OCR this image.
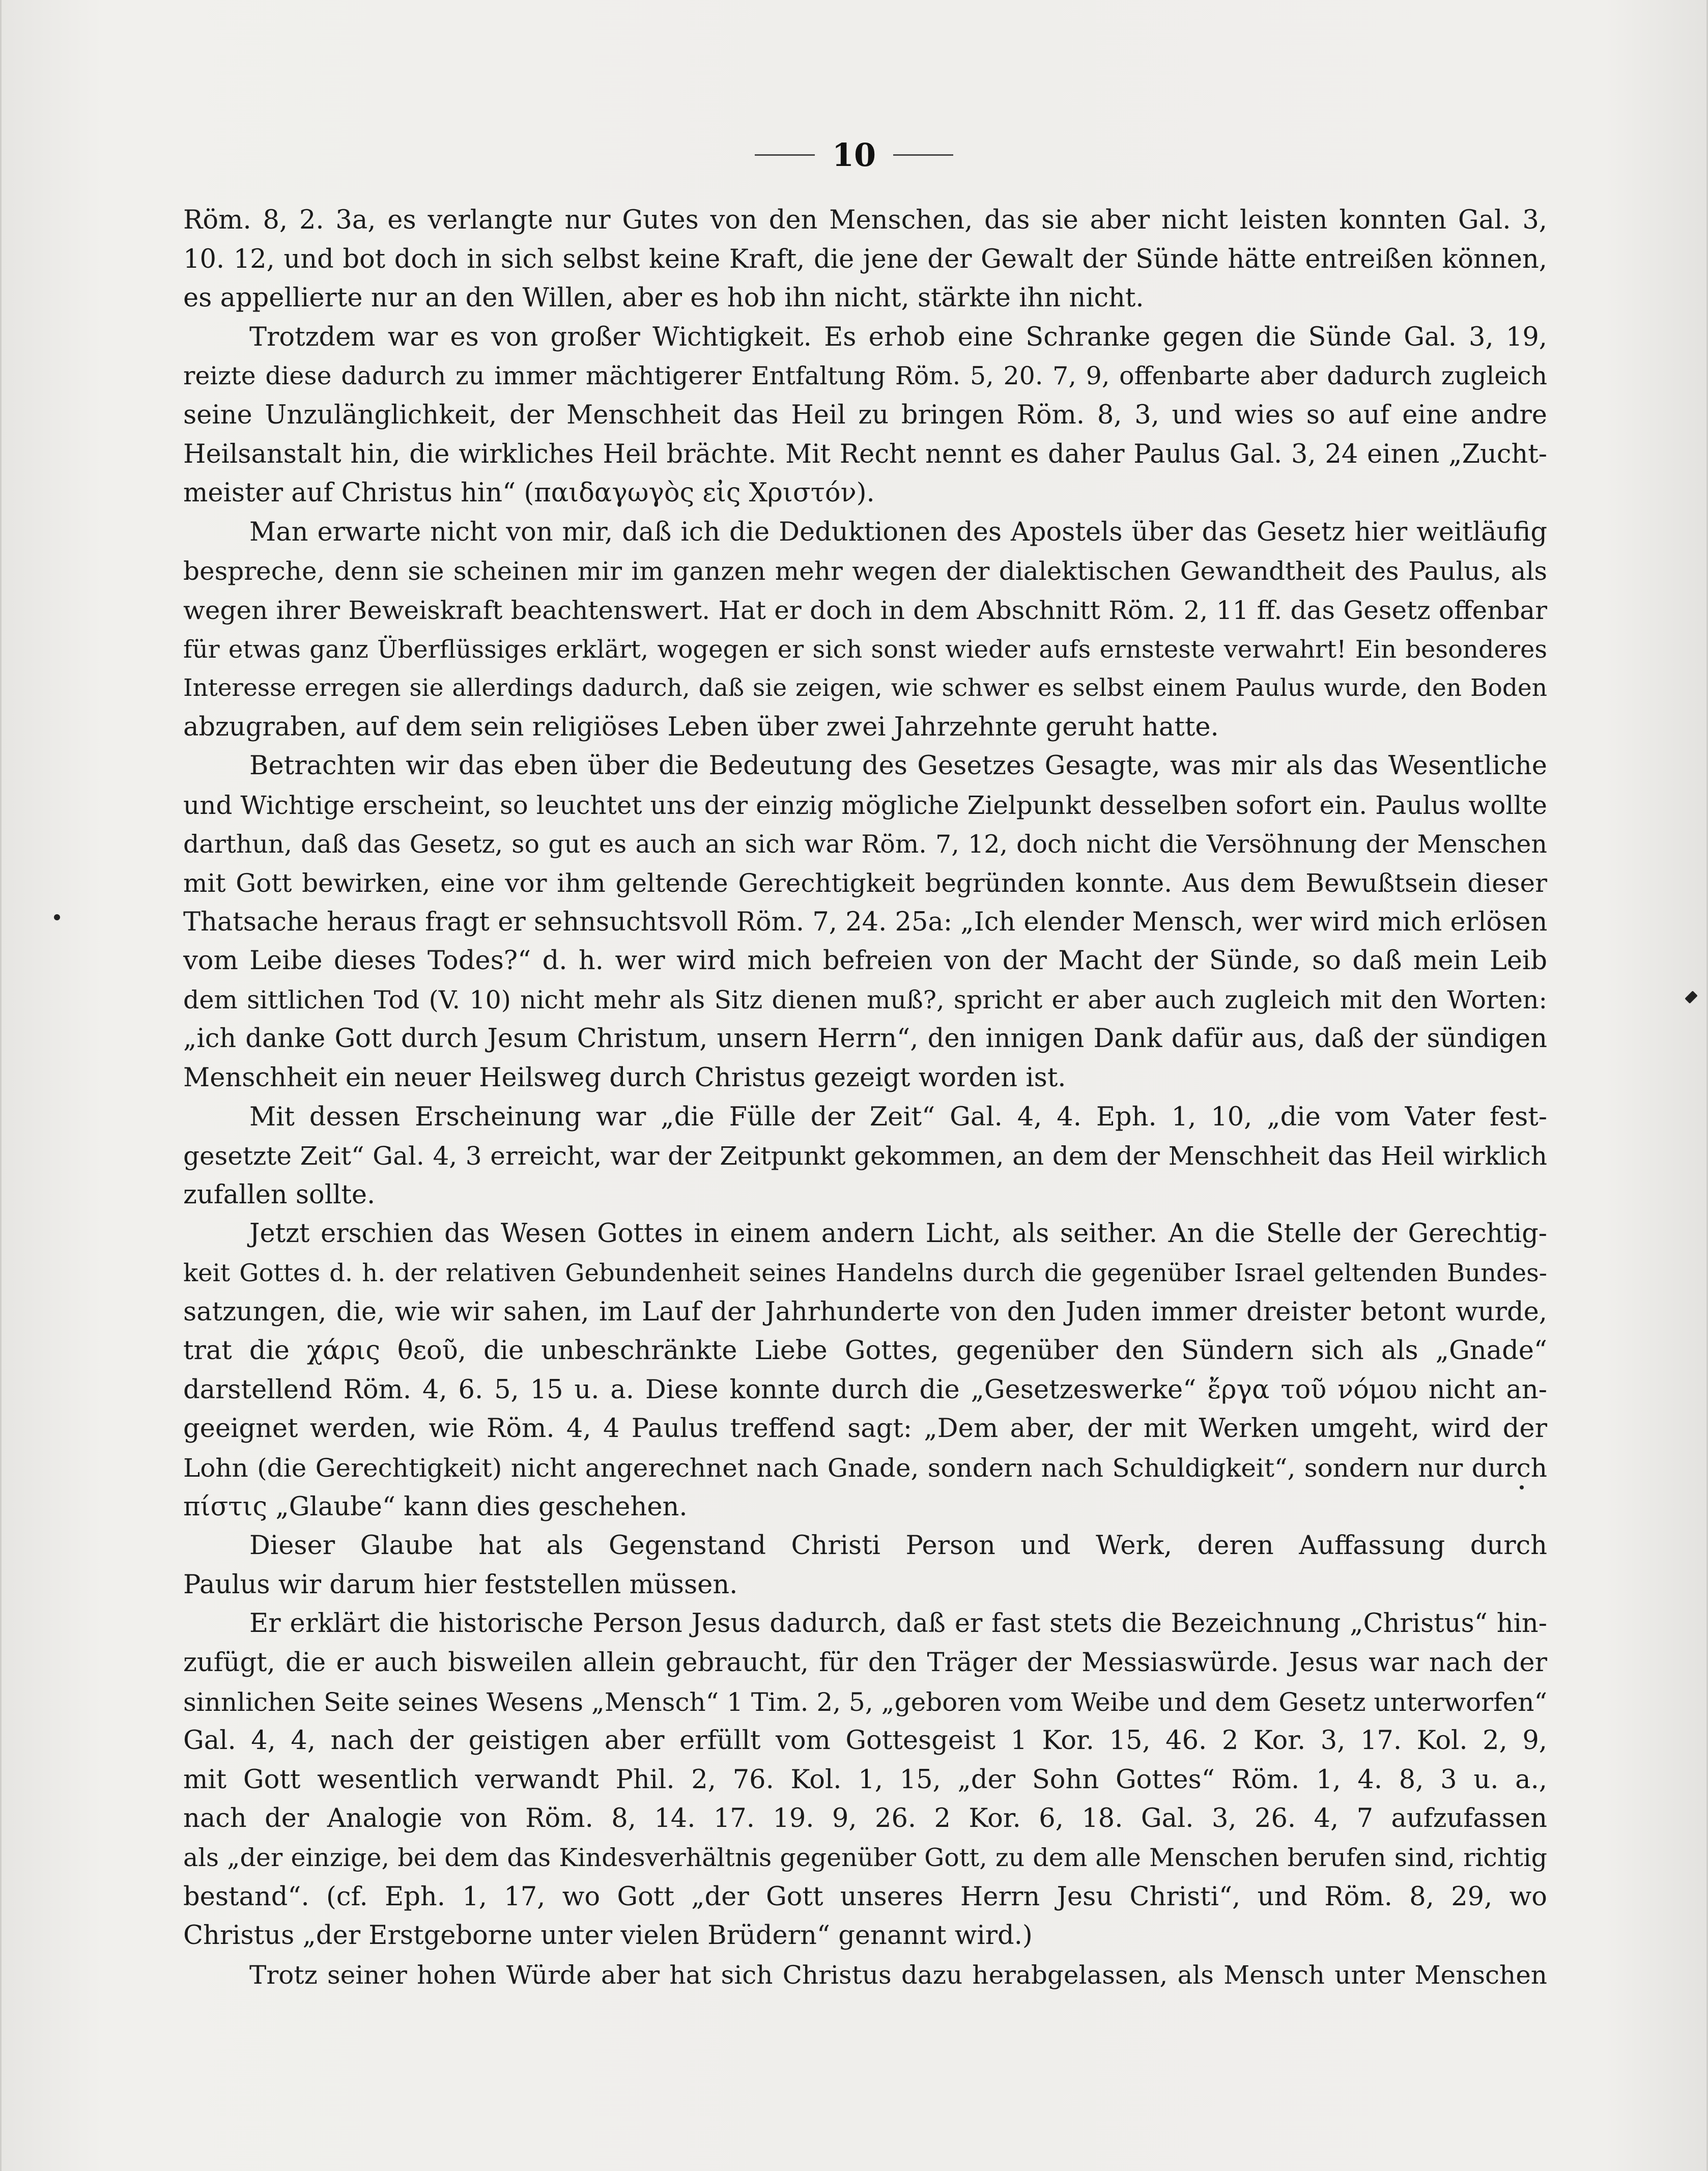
10
Röm. 8, 2. 3a, es verlangte nur Gutes von den Menschen, das sie aber nicht leisten konnten Gal. 3,
10. 12, und bot doch in sich selbst keine Kraft, die jene der Gewalt der Sünde hätte entreißen können,
es appellierte nur an den Willen, aber es hob ihn nicht, stärkte ihn nicht.
Trotzdem war es von großer Wichtigkeit. Es erhob eine Schranke gegen die Sünde Gal. 3, 19,
reizte diese dadurch zu immer mächtigerer Entfaltung Röm. 5, 20. 7, 9, offenbarte aber dadurch zugleich
seine Unzulänglichkeit, der Menschheit das Heil zu bringen Röm. 8, 3, und wies so auf eine andre
Heilsanstalt hin, die wirkliches Heil brächte. Mit Recht nennt es daher Paulus Gal. 3, 24 einen „Zucht-
meister auf Christus hin“ (παιδαγωγὸς εἰς Χριστόν).
Man erwarte nicht von mir, daß ich die Deduktionen des Apostels über das Gesetz hier weitläufig
bespreche, denn sie scheinen mir im ganzen mehr wegen der dialektischen Gewandtheit des Paulus, als
wegen ihrer Beweiskraft beachtenswert. Hat er doch in dem Abschnitt Röm. 2, 11 ff. das Gesetz offenbar
für etwas ganz Überflüssiges erklärt, wogegen er sich sonst wieder aufs ernsteste verwahrt! Ein besonderes
Interesse erregen sie allerdings dadurch, daß sie zeigen, wie schwer es selbst einem Paulus wurde, den Boden
abzugraben, auf dem sein religiöses Leben über zwei Jahrzehnte geruht hatte.
Betrachten wir das eben über die Bedeutung des Gesetzes Gesagte, was mir als das Wesentliche
und Wichtige erscheint, so leuchtet uns der einzig mögliche Zielpunkt desselben sofort ein. Paulus wollte
darthun, daß das Gesetz, so gut es auch an sich war Röm. 7, 12, doch nicht die Versöhnung der Menschen
mit Gott bewirken, eine vor ihm geltende Gerechtigkeit begründen konnte. Aus dem Bewußtsein dieser
Thatsache heraus fragt er sehnsuchtsvoll Röm. 7, 24. 25a: „Ich elender Mensch, wer wird mich erlösen
vom Leibe dieses Todes?“ d. h. wer wird mich befreien von der Macht der Sünde, so daß mein Leib
dem sittlichen Tod (V. 10) nicht mehr als Sitz dienen muß?, spricht er aber auch zugleich mit den Worten:
„ich danke Gott durch Jesum Christum, unsern Herrn“, den innigen Dank dafür aus, daß der sündigen
Menschheit ein neuer Heilsweg durch Christus gezeigt worden ist.
Mit dessen Erscheinung war „die Fülle der Zeit“ Gal. 4, 4. Eph. 1, 10, „die vom Vater fest-
gesetzte Zeit“ Gal. 4, 3 erreicht, war der Zeitpunkt gekommen, an dem der Menschheit das Heil wirklich
zufallen sollte.
Jetzt erschien das Wesen Gottes in einem andern Licht, als seither. An die Stelle der Gerechtig-
keit Gottes d. h. der relativen Gebundenheit seines Handelns durch die gegenüber Israel geltenden Bundes-
satzungen, die, wie wir sahen, im Lauf der Jahrhunderte von den Juden immer dreister betont wurde,
trat die χάρις θεοῦ, die unbeschränkte Liebe Gottes, gegenüber den Sündern sich als „Gnade“
darstellend Röm. 4, 6. 5, 15 u. a. Diese konnte durch die „Gesetzeswerke“ ἔργα τοῦ νόμου nicht an-
geeignet werden, wie Röm. 4, 4 Paulus treffend sagt: „Dem aber, der mit Werken umgeht, wird der
Lohn (die Gerechtigkeit) nicht angerechnet nach Gnade, sondern nach Schuldigkeit“, sondern nur durch
πίστις „Glaube“ kann dies geschehen.
Dieser Glaube hat als Gegenstand Christi Person und Werk, deren Auffassung durch
Paulus wir darum hier feststellen müssen.
Er erklärt die historische Person Jesus dadurch, daß er fast stets die Bezeichnung „Christus“ hin-
zufügt, die er auch bisweilen allein gebraucht, für den Träger der Messiaswürde. Jesus war nach der
sinnlichen Seite seines Wesens „Mensch“ 1 Tim. 2, 5, „geboren vom Weibe und dem Gesetz unterworfen“
Gal. 4, 4, nach der geistigen aber erfüllt vom Gottesgeist 1 Kor. 15, 46. 2 Kor. 3, 17. Kol. 2, 9,
mit Gott wesentlich verwandt Phil. 2, 76. Kol. 1, 15, „der Sohn Gottes“ Röm. 1, 4. 8, 3 u. a.,
nach der Analogie von Röm. 8, 14. 17. 19. 9, 26. 2 Kor. 6, 18. Gal. 3, 26. 4, 7 aufzufassen
als „der einzige, bei dem das Kindesverhältnis gegenüber Gott, zu dem alle Menschen berufen sind, richtig
bestand“. (cf. Eph. 1, 17, wo Gott „der Gott unseres Herrn Jesu Christi“, und Röm. 8, 29, wo
Christus „der Erstgeborne unter vielen Brüdern“ genannt wird.)
Trotz seiner hohen Würde aber hat sich Christus dazu herabgelassen, als Mensch unter Menschen
